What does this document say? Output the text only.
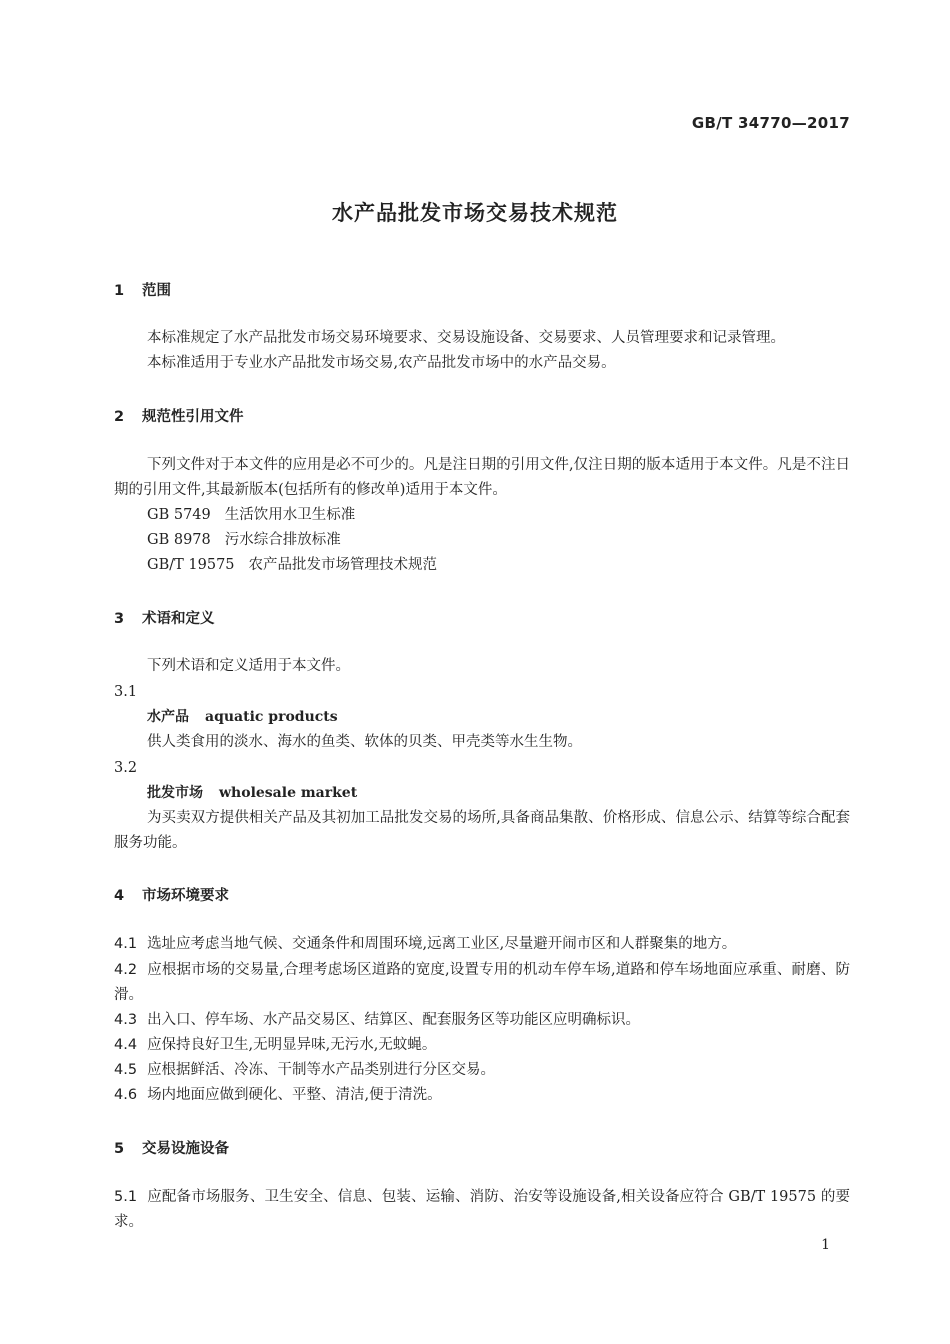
GB/T 34770—2017
水产品批发市场交易技术规范
1 范围
本标准规定了水产品批发市场交易环境要求、交易设施设备、交易要求、人员管理要求和记录管理。
本标准适用于专业水产品批发市场交易,农产品批发市场中的水产品交易。
2 规范性引用文件
下列文件对于本文件的应用是必不可少的。凡是注日期的引用文件,仅注日期的版本适用于本文件。凡是不注日期的引用文件,其最新版本(包括所有的修改单)适用于本文件。
GB 5749 生活饮用水卫生标准
GB 8978 污水综合排放标准
GB/T 19575 农产品批发市场管理技术规范
3 术语和定义
下列术语和定义适用于本文件。
3.1
水产品 aquatic products
供人类食用的淡水、海水的鱼类、软体的贝类、甲壳类等水生生物。
3.2
批发市场 wholesale market
为买卖双方提供相关产品及其初加工品批发交易的场所,具备商品集散、价格形成、信息公示、结算等综合配套服务功能。
4 市场环境要求
4.1 选址应考虑当地气候、交通条件和周围环境,远离工业区,尽量避开闹市区和人群聚集的地方。
4.2 应根据市场的交易量,合理考虑场区道路的宽度,设置专用的机动车停车场,道路和停车场地面应承重、耐磨、防滑。
4.3 出入口、停车场、水产品交易区、结算区、配套服务区等功能区应明确标识。
4.4 应保持良好卫生,无明显异味,无污水,无蚊蝇。
4.5 应根据鲜活、冷冻、干制等水产品类别进行分区交易。
4.6 场内地面应做到硬化、平整、清洁,便于清洗。
5 交易设施设备
5.1 应配备市场服务、卫生安全、信息、包装、运输、消防、治安等设施设备,相关设备应符合 GB/T 19575 的要求。
1
